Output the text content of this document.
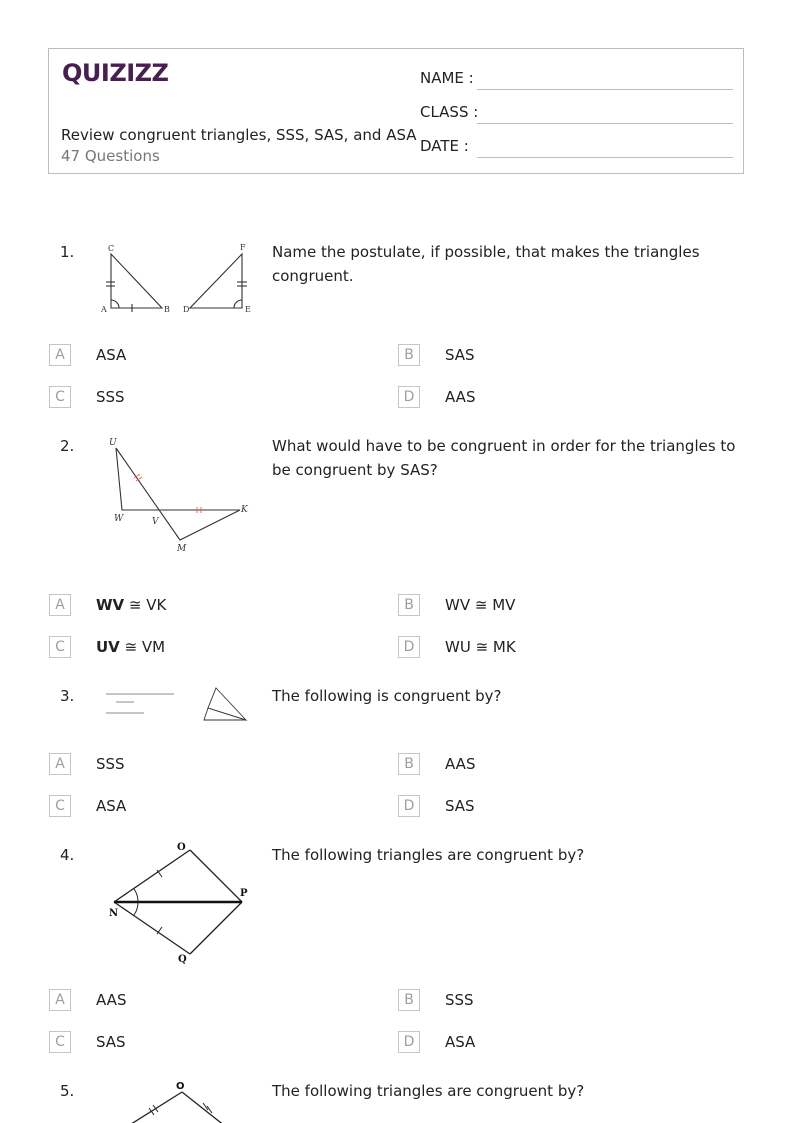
QUIZIZZ
Review congruent triangles, SSS, SAS, and ASA
47 Questions
NAME :
CLASS :
DATE :
1.	C
A	B
F
D	E
Name the postulate, if possible, that makes the triangles congruent.
A	ASA	B	SAS
C	SSS	D	AAS
2.	U
W	V
K
M
What would have to be congruent in order for the triangles to be congruent by SAS?
A	WV ≅ VK	B	WV ≅ MV
C	UV ≅ VM	D	WU ≅ MK
3.	The following is congruent by?
A	SSS	B	AAS
C	ASA	D	SAS
4.	O
N
P
Q
The following triangles are congruent by?
A	AAS	B	SSS
C	SAS	D	ASA
5.	O	The following triangles are congruent by?
